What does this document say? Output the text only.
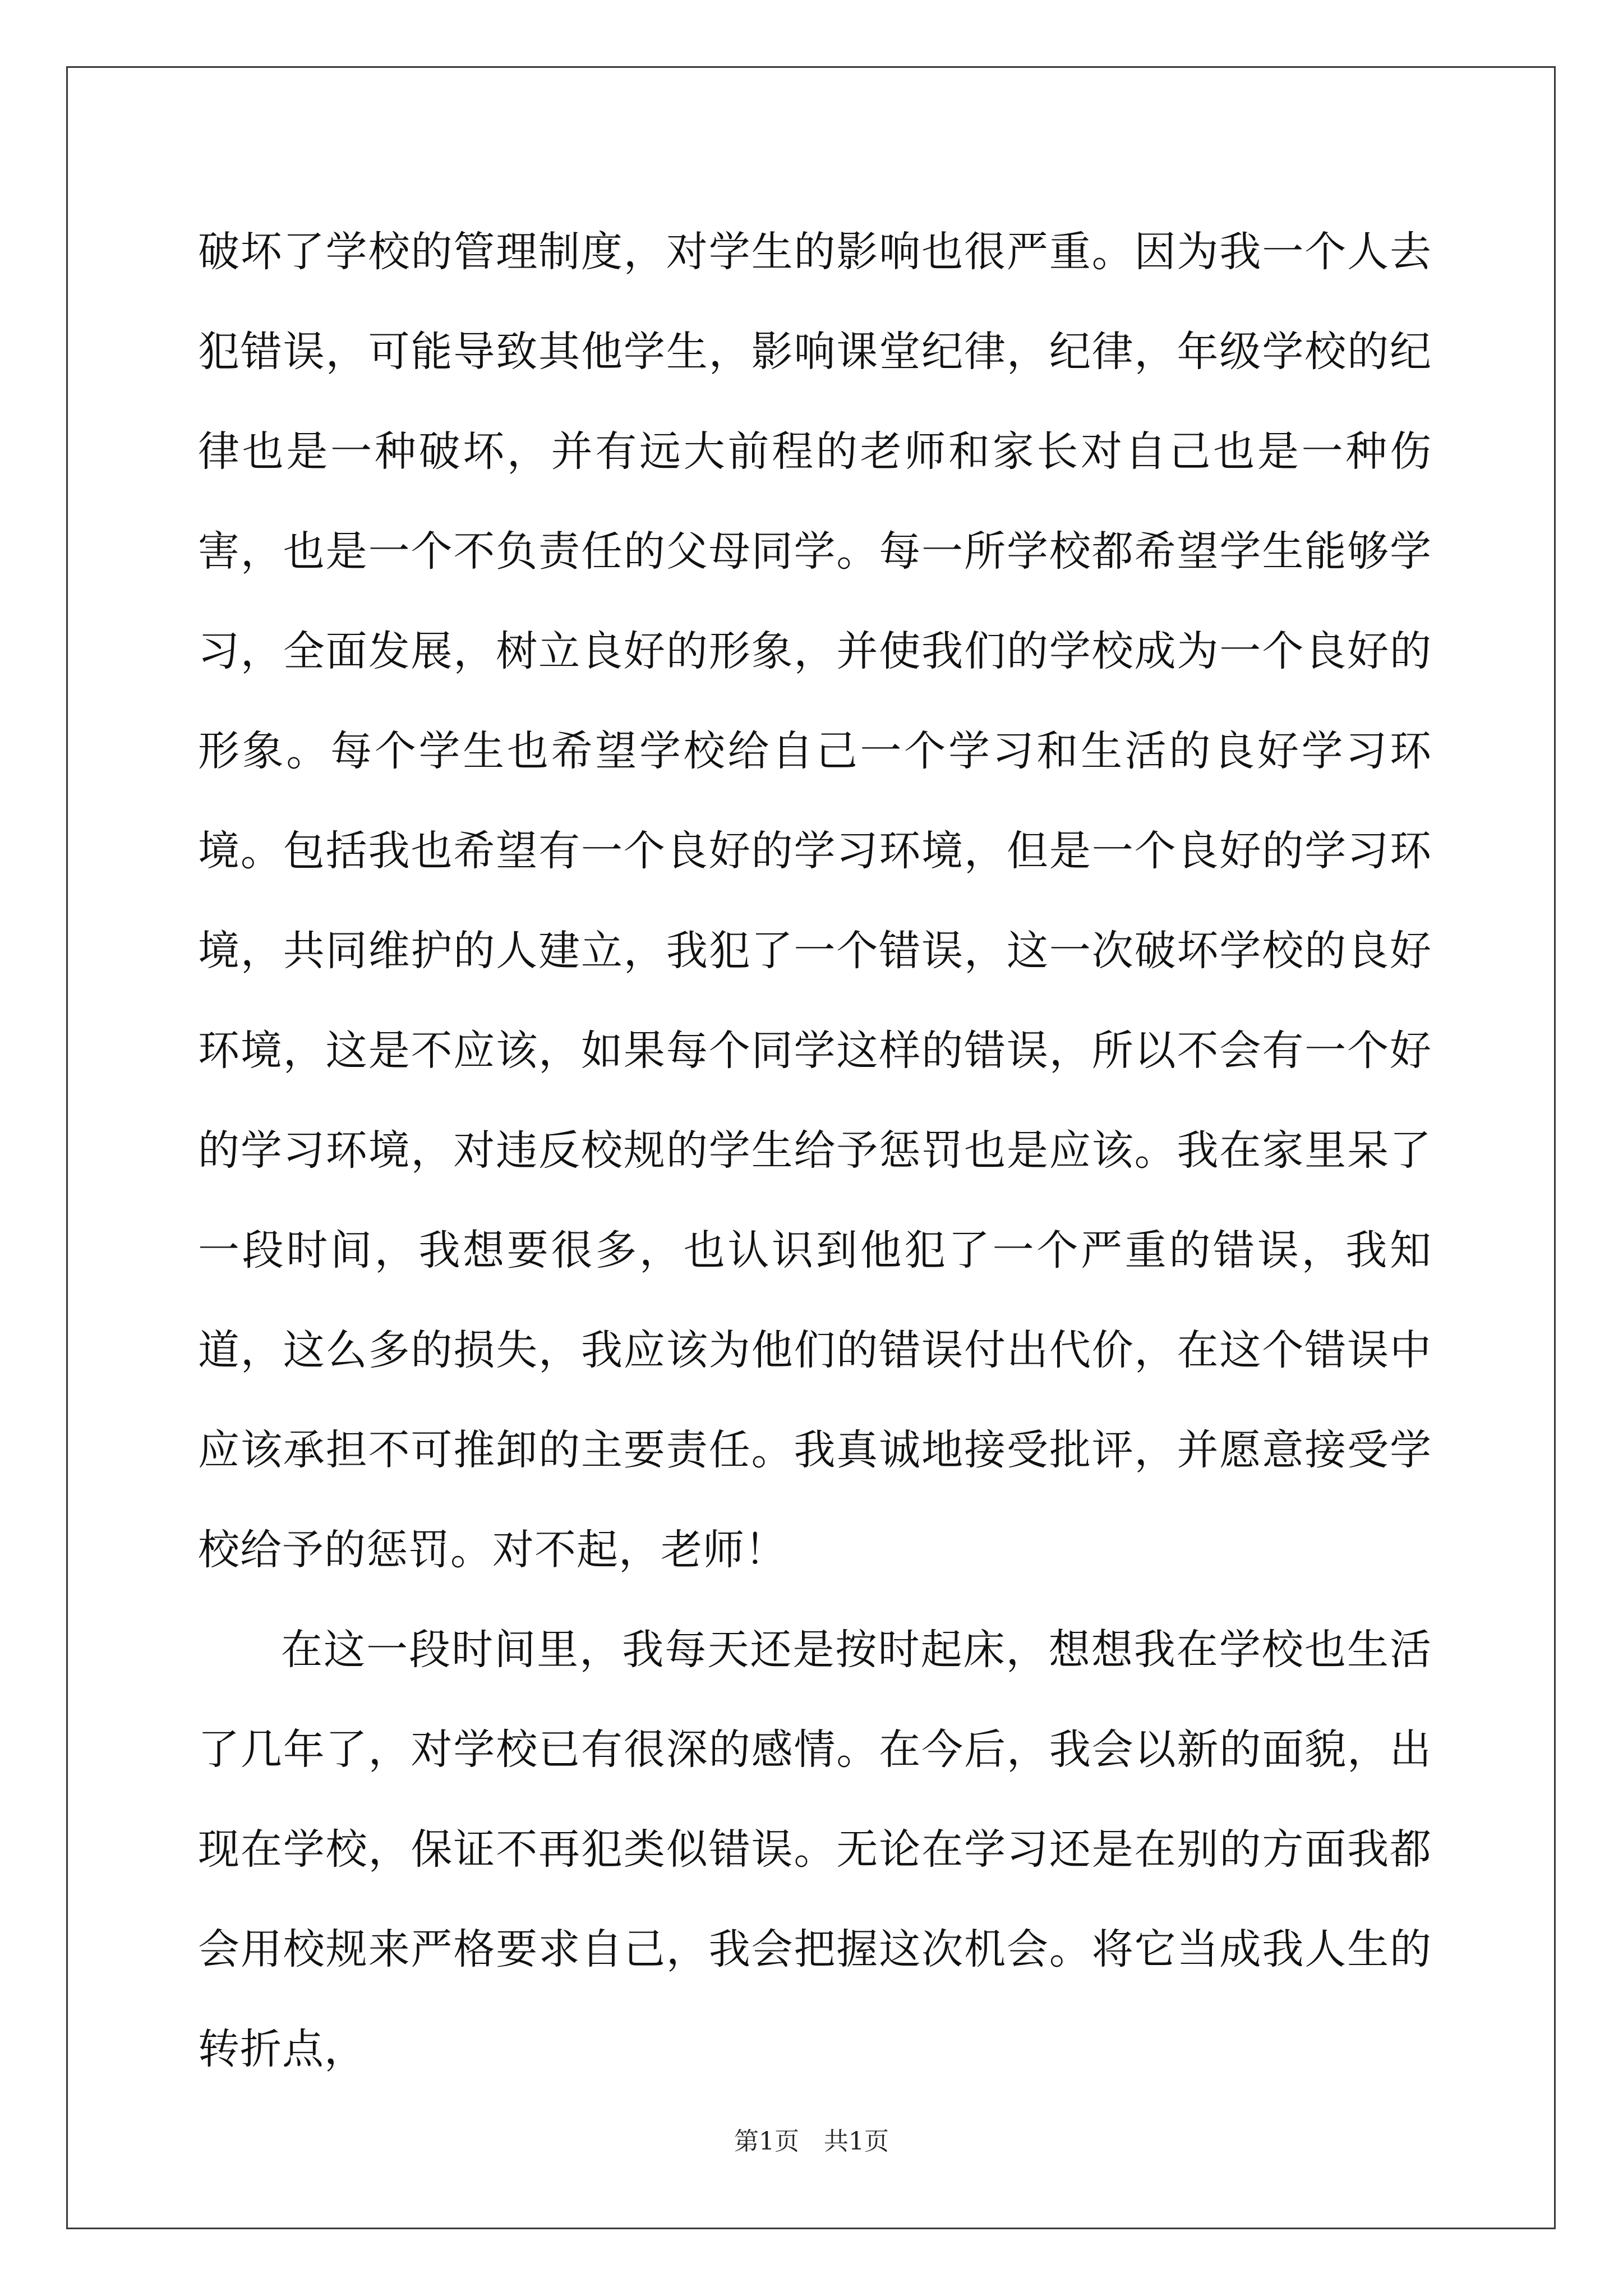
破坏了学校的管理制度，对学生的影响也很严重。因为我一个人去犯错误，可能导致其他学生，影响课堂纪律，纪律，年级学校的纪律也是一种破坏，并有远大前程的老师和家长对自己也是一种伤害，也是一个不负责任的父母同学。每一所学校都希望学生能够学习，全面发展，树立良好的形象，并使我们的学校成为一个良好的形象。每个学生也希望学校给自己一个学习和生活的良好学习环境。包括我也希望有一个良好的学习环境，但是一个良好的学习环境，共同维护的人建立，我犯了一个错误，这一次破坏学校的良好环境，这是不应该，如果每个同学这样的错误，所以不会有一个好的学习环境，对违反校规的学生给予惩罚也是应该。我在家里呆了一段时间，我想要很多，也认识到他犯了一个严重的错误，我知道，这么多的损失，我应该为他们的错误付出代价，在这个错误中应该承担不可推卸的主要责任。我真诚地接受批评，并愿意接受学校给予的惩罚。对不起，老师！

在这一段时间里，我每天还是按时起床，想想我在学校也生活了几年了，对学校已有很深的感情。在今后，我会以新的面貌，出现在学校，保证不再犯类似错误。无论在学习还是在别的方面我都会用校规来严格要求自己，我会把握这次机会。将它当成我人生的转折点，

第1页　共1页
